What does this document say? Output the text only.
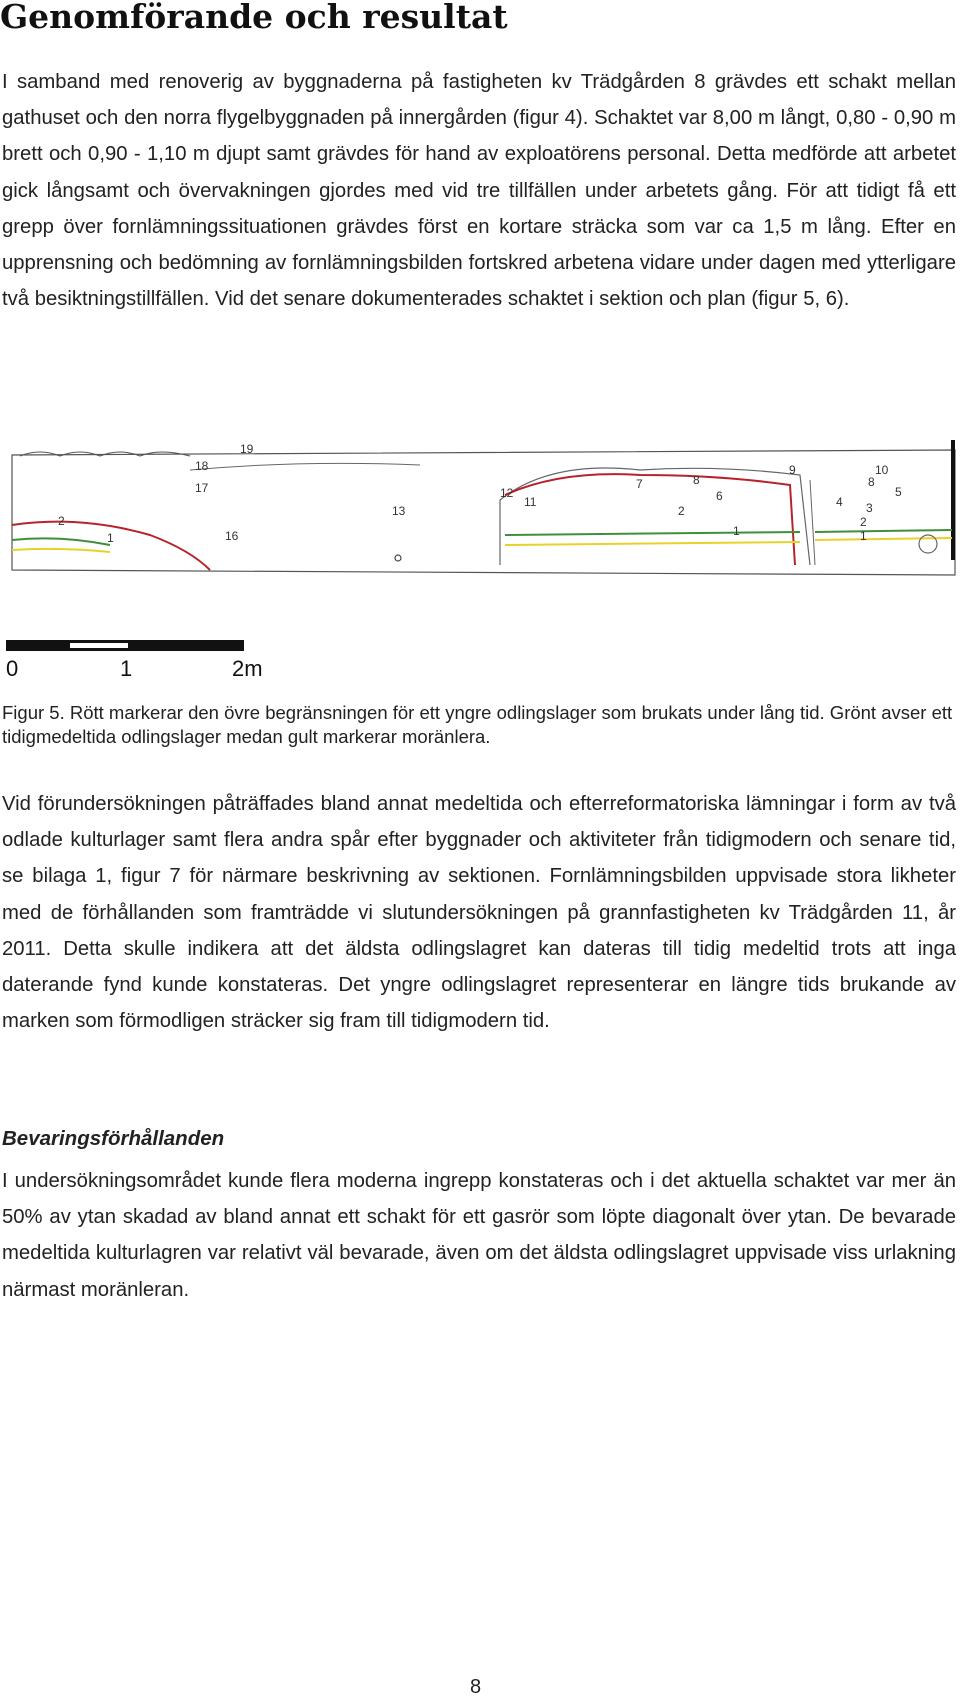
Genomförande och resultat

I samband med renoverig av byggnaderna på fastigheten kv Trädgården 8 grävdes ett schakt mellan gathuset och den norra flygelbyggnaden på innergården (figur 4). Schaktet var 8,00 m långt, 0,80 - 0,90 m brett och 0,90 - 1,10 m djupt samt grävdes för hand av exploatörens personal. Detta medförde att arbetet gick långsamt och övervakningen gjordes med vid tre tillfällen under arbetets gång. För att tidigt få ett grepp över fornlämningssituationen grävdes först en kortare sträcka som var ca 1,5 m lång. Efter en upprensning och bedömning av fornlämningsbilden fortskred arbetena vidare under dagen med ytterligare två besiktningstillfällen. Vid det senare dokumenterades schaktet i sektion och plan (figur 5, 6).

19
18
17
16
13
12
11
2
1
7	8
6
2
1
9	10
8
5
4 3
2
1
0	1	2m

Figur 5. Rött markerar den övre begränsningen för ett yngre odlingslager som brukats under lång tid. Grönt avser ett tidigmedeltida odlingslager medan gult markerar moränlera.

Vid förundersökningen påträffades bland annat medeltida och efterreformatoriska lämningar i form av två odlade kulturlager samt flera andra spår efter byggnader och aktiviteter från tidigmodern och senare tid, se bilaga 1, figur 7 för närmare beskrivning av sektionen. Fornlämningsbilden uppvisade stora likheter med de förhållanden som framträdde vi slutundersökningen på grannfastigheten kv Trädgården 11, år 2011. Detta skulle indikera att det äldsta odlingslagret kan dateras till tidig medeltid trots att inga daterande fynd kunde konstateras. Det yngre odlingslagret representerar en längre tids brukande av marken som förmodligen sträcker sig fram till tidigmodern tid.

Bevaringsförhållanden

I undersökningsområdet kunde flera moderna ingrepp konstateras och i det aktuella schaktet var mer än 50% av ytan skadad av bland annat ett schakt för ett gasrör som löpte diagonalt över ytan. De bevarade medeltida kulturlagren var relativt väl bevarade, även om det äldsta odlingslagret uppvisade viss urlakning närmast moränleran.

8
